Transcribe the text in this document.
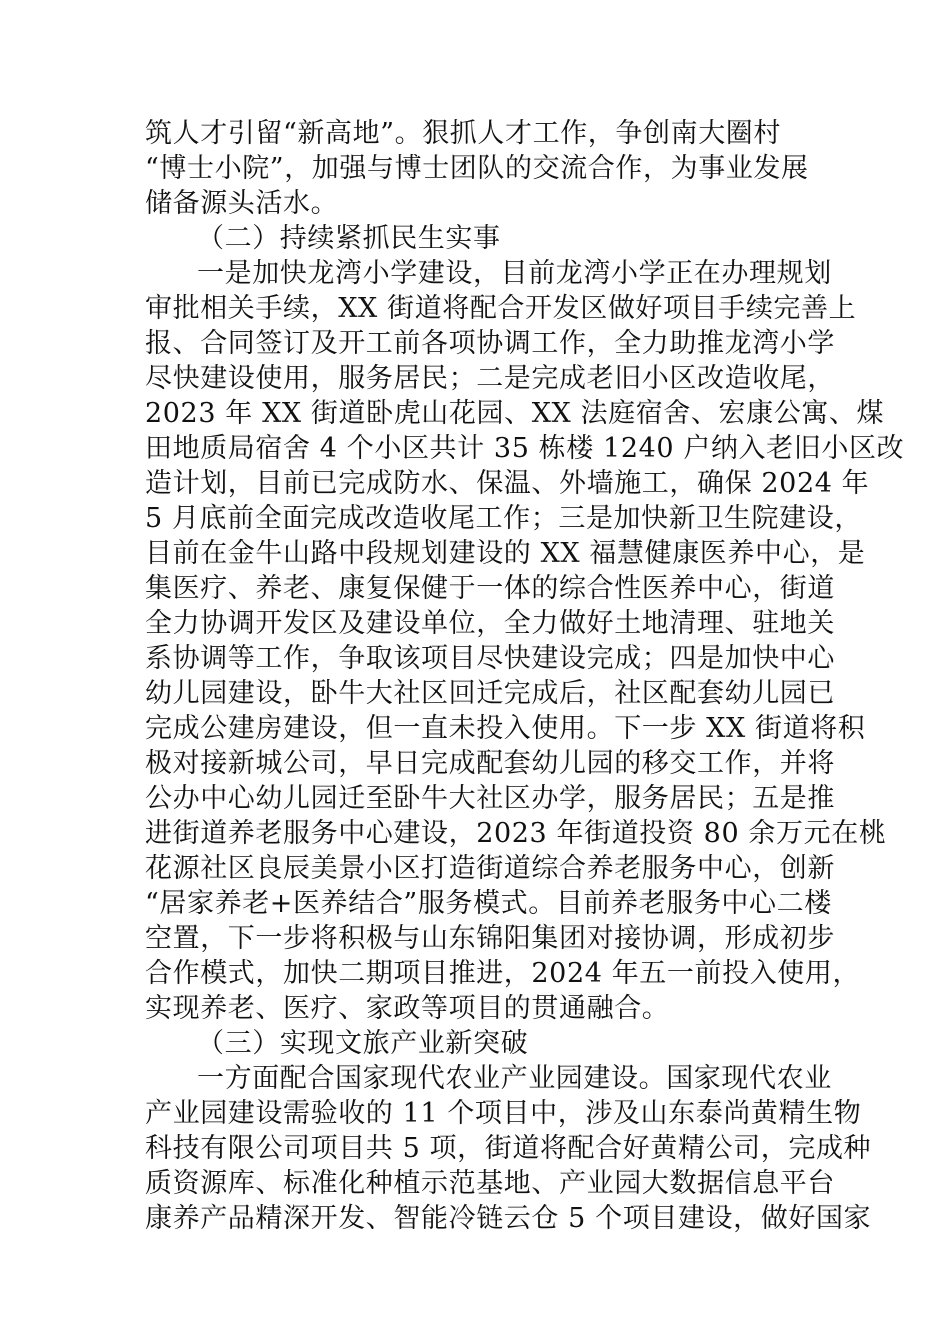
筑人才引留“新高地”。狠抓人才工作，争创南大圈村
“博士小院”，加强与博士团队的交流合作，为事业发展
储备源头活水。
（二）持续紧抓民生实事
一是加快龙湾小学建设，目前龙湾小学正在办理规划
审批相关手续，XX 街道将配合开发区做好项目手续完善上
报、合同签订及开工前各项协调工作，全力助推龙湾小学
尽快建设使用，服务居民；二是完成老旧小区改造收尾，
2023 年 XX 街道卧虎山花园、XX 法庭宿舍、宏康公寓、煤
田地质局宿舍 4 个小区共计 35 栋楼 1240 户纳入老旧小区改
造计划，目前已完成防水、保温、外墙施工，确保 2024 年
5 月底前全面完成改造收尾工作；三是加快新卫生院建设，
目前在金牛山路中段规划建设的 XX 福慧健康医养中心，是
集医疗、养老、康复保健于一体的综合性医养中心，街道
全力协调开发区及建设单位，全力做好土地清理、驻地关
系协调等工作，争取该项目尽快建设完成；四是加快中心
幼儿园建设，卧牛大社区回迁完成后，社区配套幼儿园已
完成公建房建设，但一直未投入使用。下一步 XX 街道将积
极对接新城公司，早日完成配套幼儿园的移交工作，并将
公办中心幼儿园迁至卧牛大社区办学，服务居民；五是推
进街道养老服务中心建设，2023 年街道投资 80 余万元在桃
花源社区良辰美景小区打造街道综合养老服务中心，创新
“居家养老+医养结合”服务模式。目前养老服务中心二楼
空置，下一步将积极与山东锦阳集团对接协调，形成初步
合作模式，加快二期项目推进，2024 年五一前投入使用，
实现养老、医疗、家政等项目的贯通融合。
（三）实现文旅产业新突破
一方面配合国家现代农业产业园建设。国家现代农业
产业园建设需验收的 11 个项目中，涉及山东泰尚黄精生物
科技有限公司项目共 5 项，街道将配合好黄精公司，完成种
质资源库、标准化种植示范基地、产业园大数据信息平台
康养产品精深开发、智能冷链云仓 5 个项目建设，做好国家
